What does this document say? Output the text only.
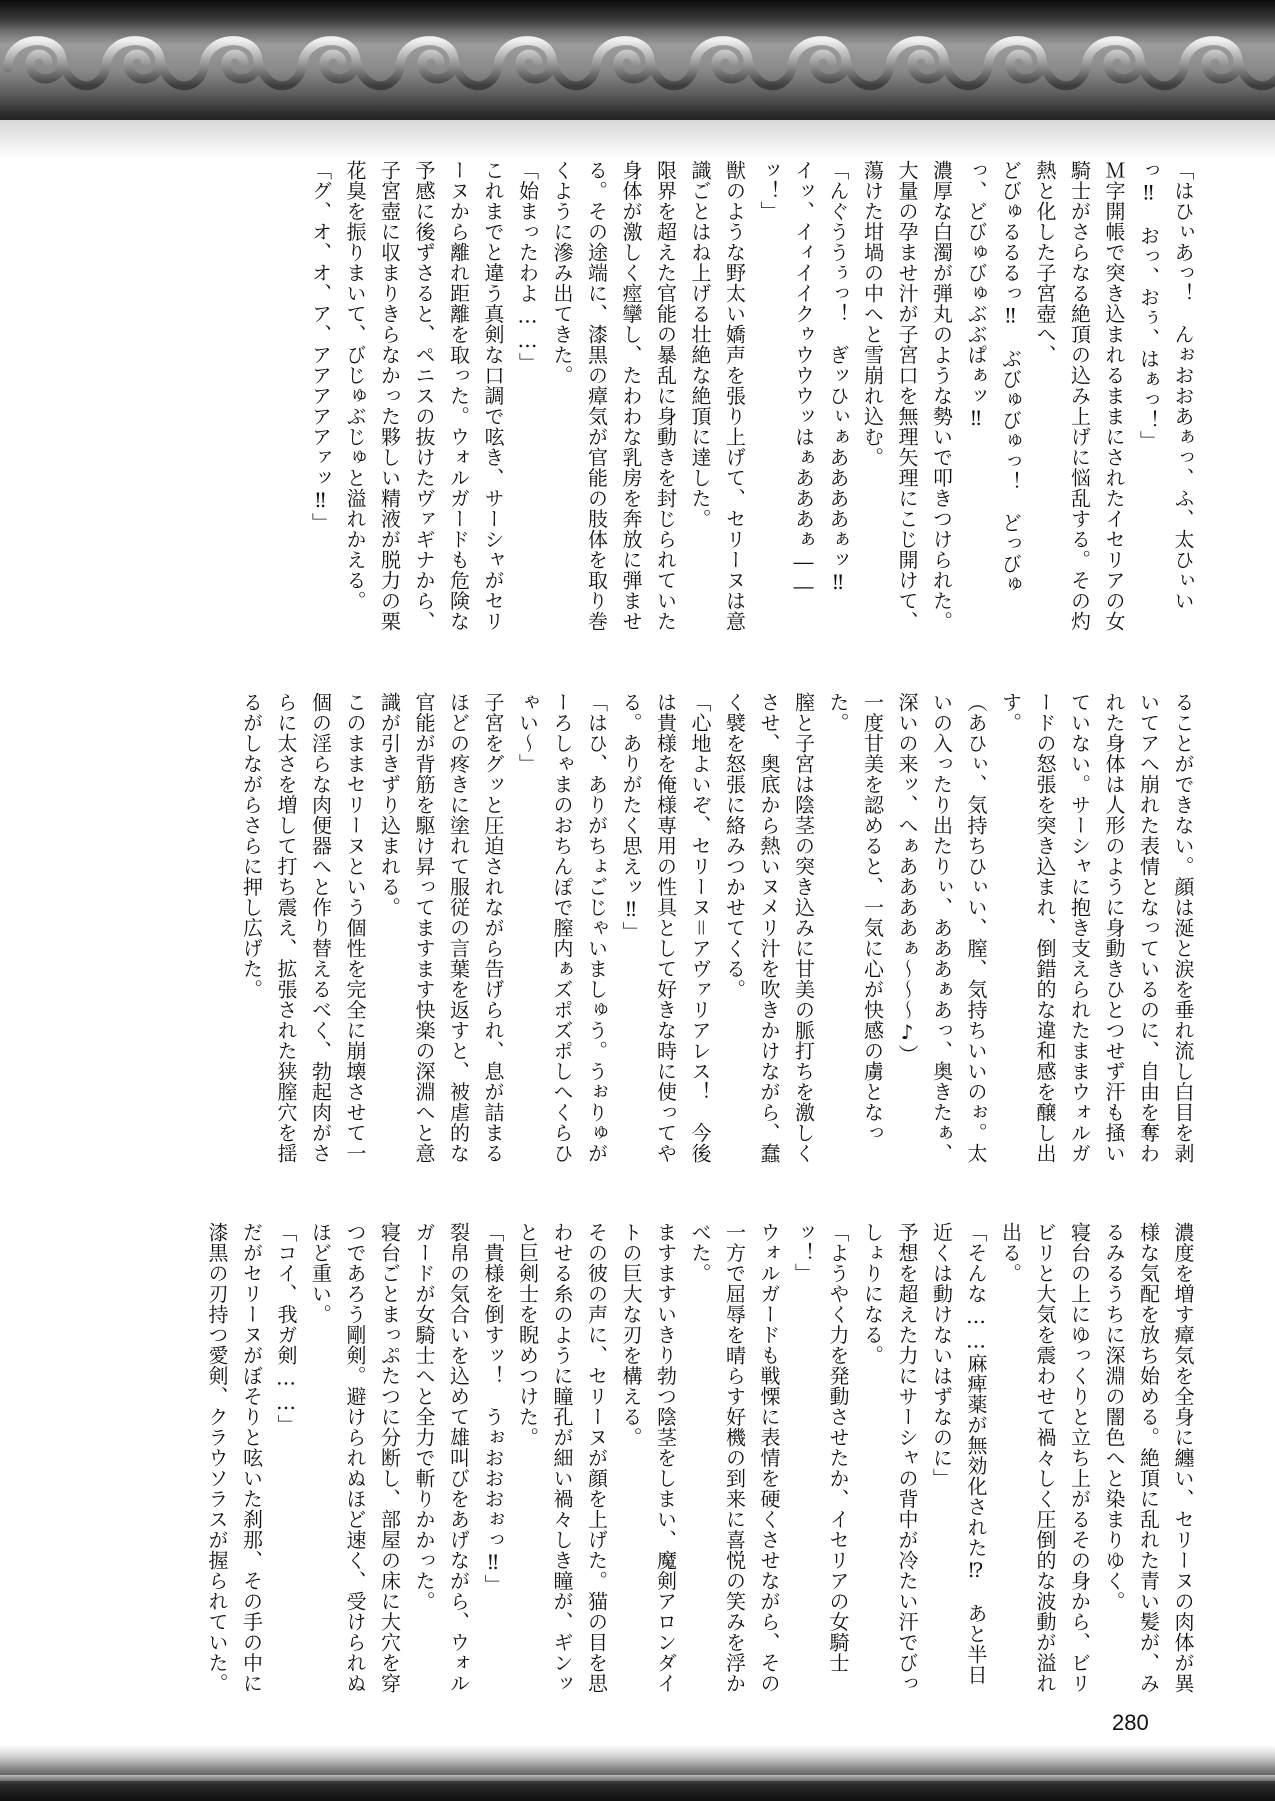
「はひぃあっ！　んぉおおあぁっ、ふ、太ひぃいっ‼　おっ、おぅ、はぁっ！」

Ｍ字開帳で突き込まれるままにされたイセリアの女騎士がさらなる絶頂の込み上げに悩乱する。その灼熱と化した子宮壺へ、

どびゅるるるっ‼　ぶびゅびゅっ！　どっびゅっ、どびゅびゅぶぶぱぁッ‼

濃厚な白濁が弾丸のような勢いで叩きつけられた。

大量の孕ませ汁が子宮口を無理矢理にこじ開けて、蕩けた坩堝の中へと雪崩れ込む。

「んぐううぅっ！　ぎッひぃぁああああぁッ‼　イッ、イィイイクゥウウウッはぁあああぁ――ッ！」

獣のような野太い嬌声を張り上げて、セリーヌは意識ごとはね上げる壮絶な絶頂に達した。

限界を超えた官能の暴乱に身動きを封じられていた身体が激しく痙攣し、たわわな乳房を奔放に弾ませる。その途端に、漆黒の瘴気が官能の肢体を取り巻くように滲み出てきた。

「始まったわよ……」

これまでと違う真剣な口調で呟き、サーシャがセリーヌから離れ距離を取った。ウォルガードも危険な予感に後ずさると、ペニスの抜けたヴァギナから、子宮壺に収まりきらなかった夥しい精液が脱力の栗花臭を振りまいて、びじゅぶじゅと溢れかえる。

「グ、オ、オ、ア、アアアアアァッ‼」

ることができない。顔は涎と涙を垂れ流し白目を剥いてアへ崩れた表情となっているのに、自由を奪われた身体は人形のように身動きひとつせず汗も掻いていない。サーシャに抱き支えられたままウォルガードの怒張を突き込まれ、倒錯的な違和感を醸し出す。

（あひぃ、気持ちひぃい、膣、気持ちいいのぉ。太いの入ったり出たりぃ、あああぁあっ、奥きたぁ、深いの来ッ、へぁああああぁ～～～♪）

一度甘美を認めると、一気に心が快感の虜となった。

膣と子宮は陰茎の突き込みに甘美の脈打ちを激しくさせ、奥底から熱いヌメリ汁を吹きかけながら、蠢く襞を怒張に絡みつかせてくる。

「心地よいぞ、セリーヌ＝アヴァリアレス！　今後は貴様を俺様専用の性具として好きな時に使ってやる。ありがたく思えッ‼」

「はひ、ありがちょごじゃいましゅう。うぉりゅがーろしゃまのおちんぽで膣内ぁズポズポしへくらひゃい～」

子宮をグッと圧迫されながら告げられ、息が詰まるほどの疼きに塗れて服従の言葉を返すと、被虐的な官能が背筋を駆け昇ってますます快楽の深淵へと意識が引きずり込まれる。

このままセリーヌという個性を完全に崩壊させて一個の淫らな肉便器へと作り替えるべく、勃起肉がさらに太さを増して打ち震え、拡張された狭膣穴を揺るがしながらさらに押し広げた。

濃度を増す瘴気を全身に纏い、セリーヌの肉体が異様な気配を放ち始める。絶頂に乱れた青い髪が、みるみるうちに深淵の闇色へと染まりゆく。

寝台の上にゆっくりと立ち上がるその身から、ビリビリと大気を震わせて禍々しく圧倒的な波動が溢れ出る。

「そんな……麻痺薬が無効化された⁉　あと半日近くは動けないはずなのに」

予想を超えた力にサーシャの背中が冷たい汗でびっしょりになる。

「ようやく力を発動させたか、イセリアの女騎士ッ！」

ウォルガードも戦慄に表情を硬くさせながら、その一方で屈辱を晴らす好機の到来に喜悦の笑みを浮かべた。

ますますいきり勃つ陰茎をしまい、魔剣アロンダイトの巨大な刃を構える。

その彼の声に、セリーヌが顔を上げた。猫の目を思わせる糸のように瞳孔が細い禍々しき瞳が、ギンッと巨剣士を睨めつけた。

「貴様を倒すッ！　うぉおおおぉっ‼」

裂帛の気合いを込めて雄叫びをあげながら、ウォルガードが女騎士へと全力で斬りかかった。

寝台ごとまっぷたつに分断し、部屋の床に大穴を穿つであろう剛剣。避けられぬほど速く、受けられぬほど重い。

「コイ、我ガ剣……」

だがセリーヌがぼそりと呟いた刹那、その手の中に漆黒の刃持つ愛剣、クラウソラスが握られていた。

280
